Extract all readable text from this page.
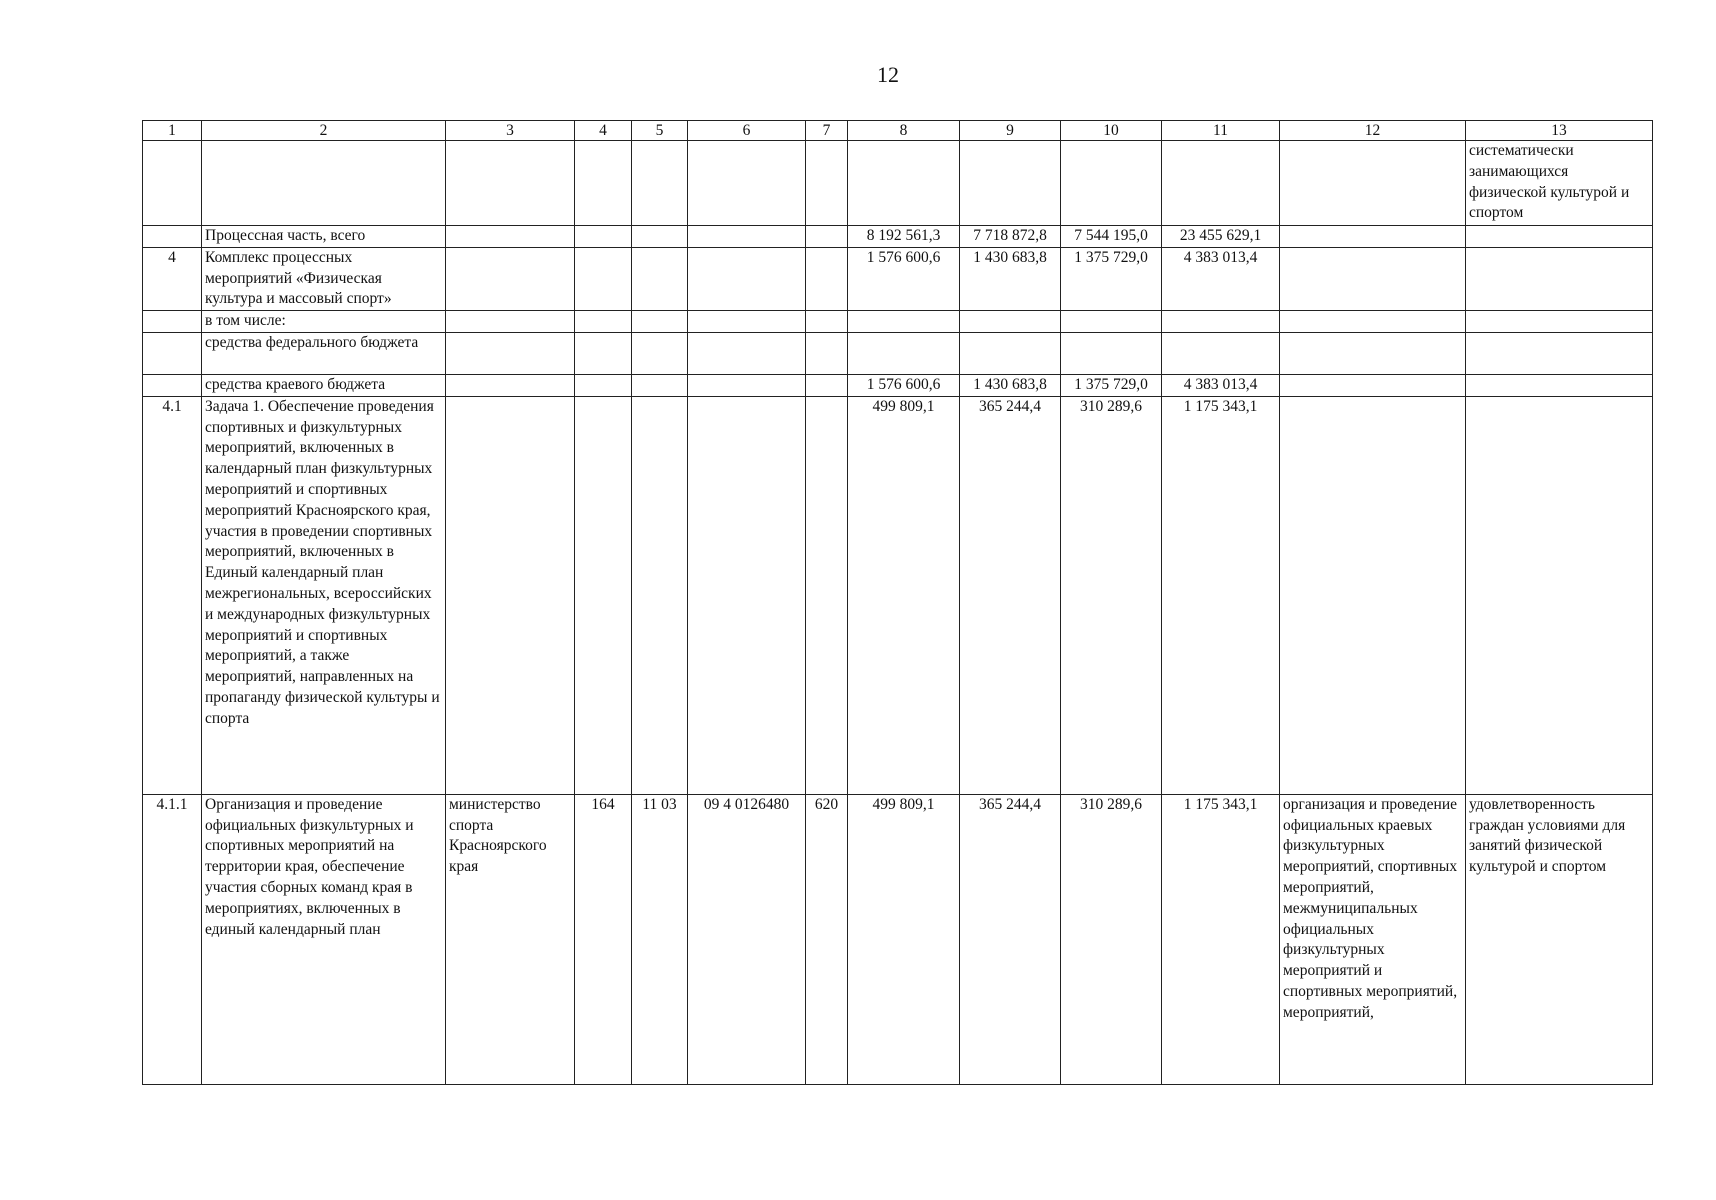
12
1	2	3	4	5	6	7	8	9	10	11	12	13
												систематически занимающихся физической культурой и спортом
	Процессная часть, всего						8 192 561,3	7 718 872,8	7 544 195,0	23 455 629,1		
4	Комплекс процессных мероприятий «Физическая культура и массовый спорт»						1 576 600,6	1 430 683,8	1 375 729,0	4 383 013,4		
	в том числе:											
	средства федерального бюджета											
	средства краевого бюджета						1 576 600,6	1 430 683,8	1 375 729,0	4 383 013,4		
4.1	Задача 1. Обеспечение проведения спортивных и физкультурных мероприятий, включенных в календарный план физкультурных мероприятий и спортивных мероприятий Красноярского края, участия в проведении спортивных мероприятий, включенных в Единый календарный план межрегиональных, всероссийских и международных физкультурных мероприятий и спортивных мероприятий, а также мероприятий, направленных на пропаганду физической культуры и спорта						499 809,1	365 244,4	310 289,6	1 175 343,1		
4.1.1	Организация и проведение официальных физкультурных и спортивных мероприятий на территории края, обеспечение участия сборных команд края в мероприятиях, включенных в единый календарный план	министерство спорта Красноярского края	164	11 03	09 4 0126480	620	499 809,1	365 244,4	310 289,6	1 175 343,1	организация и проведение официальных краевых физкультурных мероприятий, спортивных мероприятий, межмуниципальных официальных физкультурных мероприятий и спортивных мероприятий, мероприятий,	удовлетворенность граждан условиями для занятий физической культурой и спортом
